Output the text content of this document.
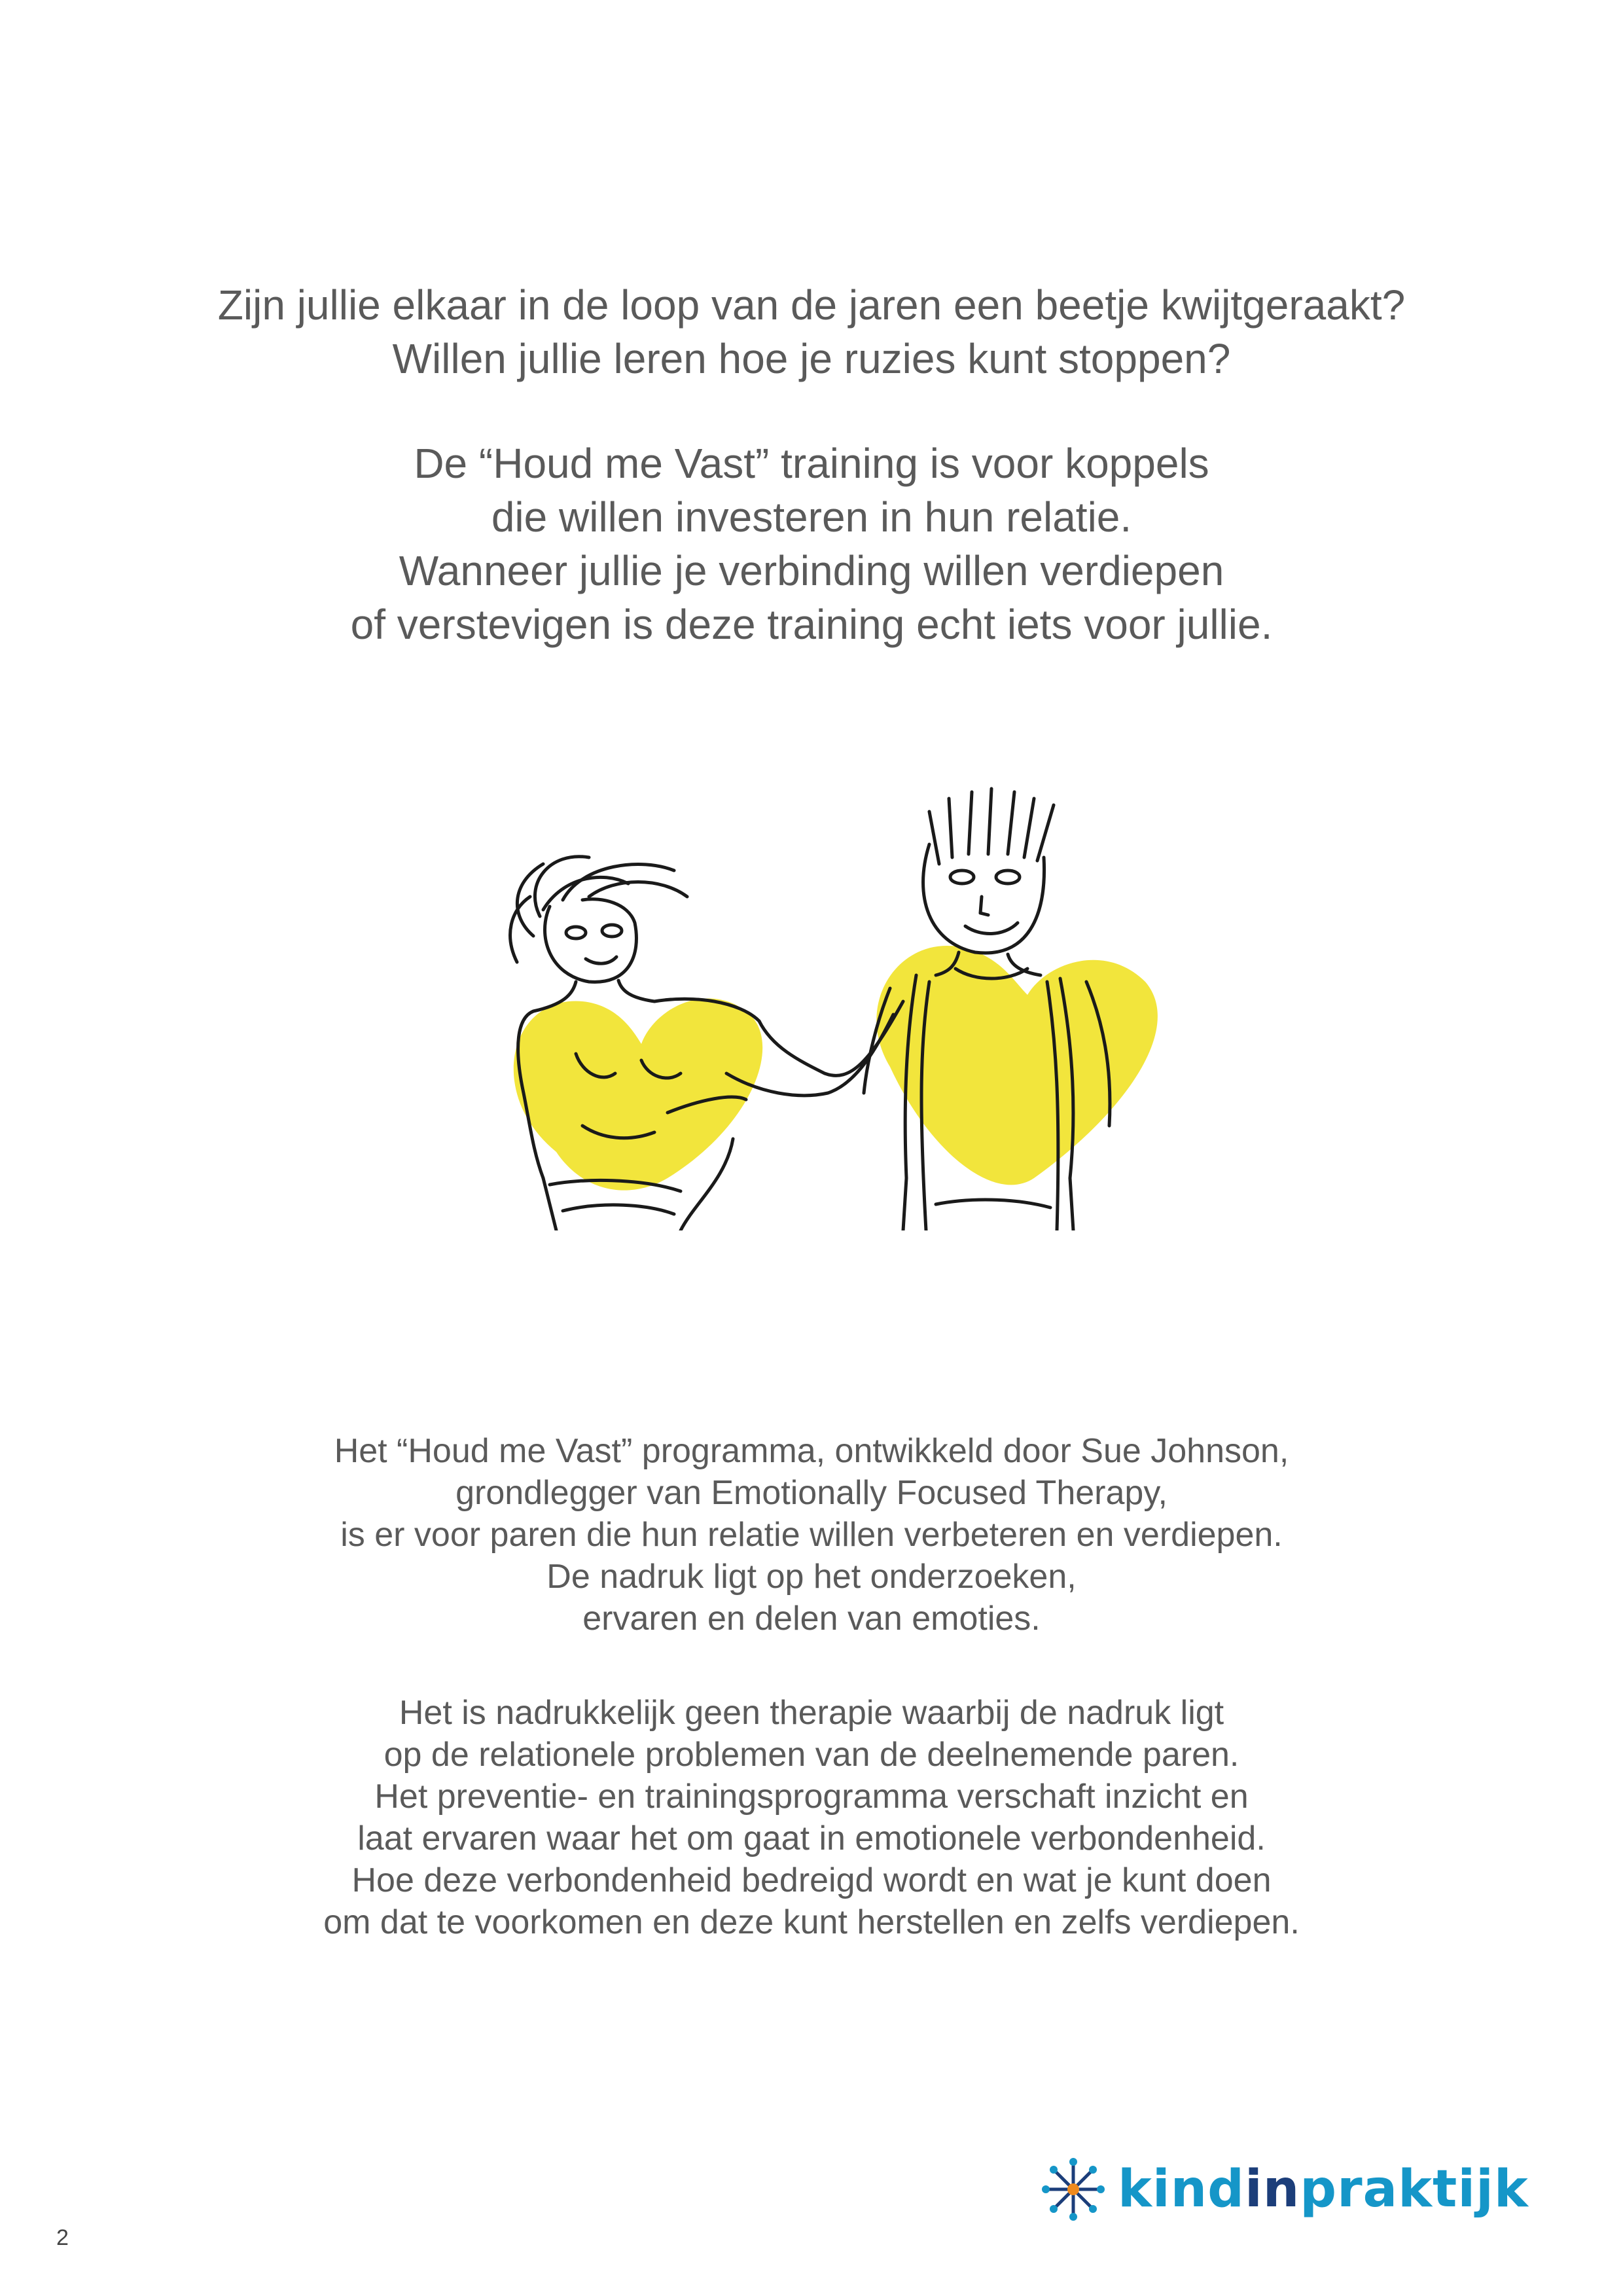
Zijn jullie elkaar in de loop van de jaren een beetje kwijtgeraakt?

Willen jullie leren hoe je ruzies kunt stoppen?

De “Houd me Vast” training is voor koppels

die willen investeren in hun relatie.

Wanneer jullie je verbinding willen verdiepen

of verstevigen is deze training echt iets voor jullie.

Het “Houd me Vast” programma, ontwikkeld door Sue Johnson,

grondlegger van Emotionally Focused Therapy,

is er voor paren die hun relatie willen verbeteren en verdiepen.

De nadruk ligt op het onderzoeken,

ervaren en delen van emoties.

Het is nadrukkelijk geen therapie waarbij de nadruk ligt

op de relationele problemen van de deelnemende paren.

Het preventie- en trainingsprogramma verschaft inzicht en

laat ervaren waar het om gaat in emotionele verbondenheid.

Hoe deze verbondenheid bedreigd wordt en wat je kunt doen

om dat te voorkomen en deze kunt herstellen en zelfs verdiepen.

kindinpraktijk
2
